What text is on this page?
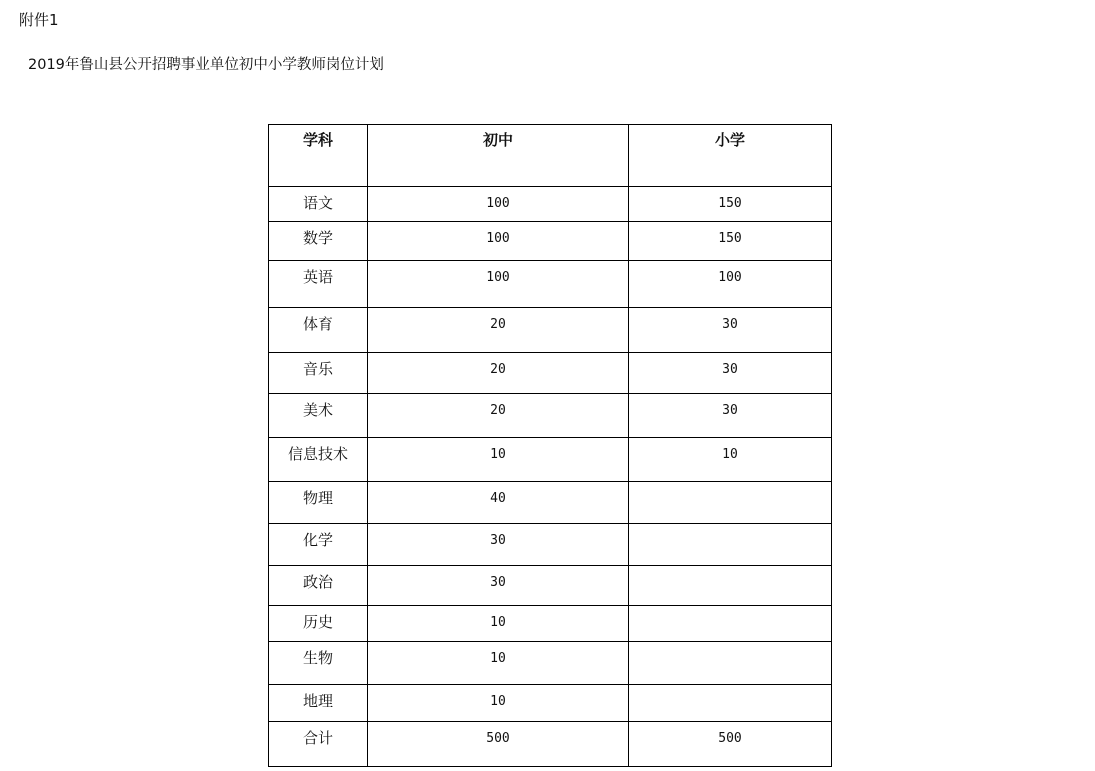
附件1
2019年鲁山县公开招聘事业单位初中小学教师岗位计划
学科	初中	小学
语文	100	150
数学	100	150
英语	100	100
体育	20	30
音乐	20	30
美术	20	30
信息技术	10	10
物理	40	
化学	30	
政治	30	
历史	10	
生物	10	
地理	10	
合计	500	500
